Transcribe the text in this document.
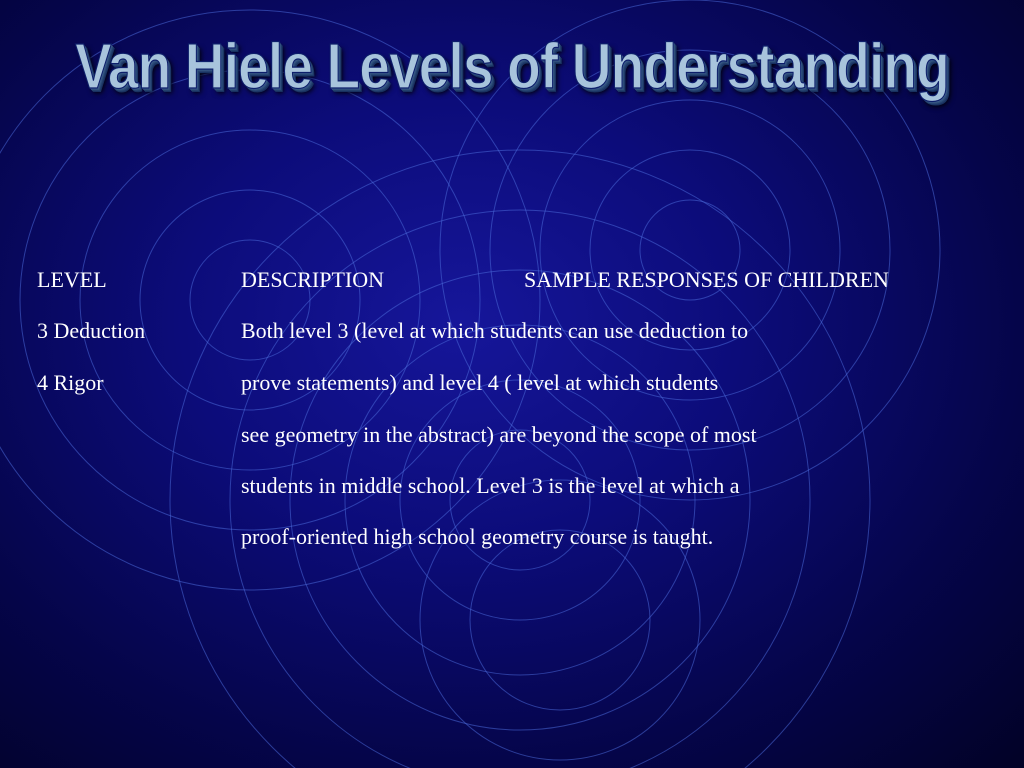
Van Hiele Levels of Understanding
LEVEL	DESCRIPTION	SAMPLE RESPONSES OF CHILDREN
3 Deduction
4 Rigor
Both level 3 (level at which students can use deduction to
prove statements) and level 4 ( level at which students
see geometry in the abstract) are beyond the scope of most
students in middle school. Level 3 is the level at which a
proof-oriented high school geometry course is taught.
